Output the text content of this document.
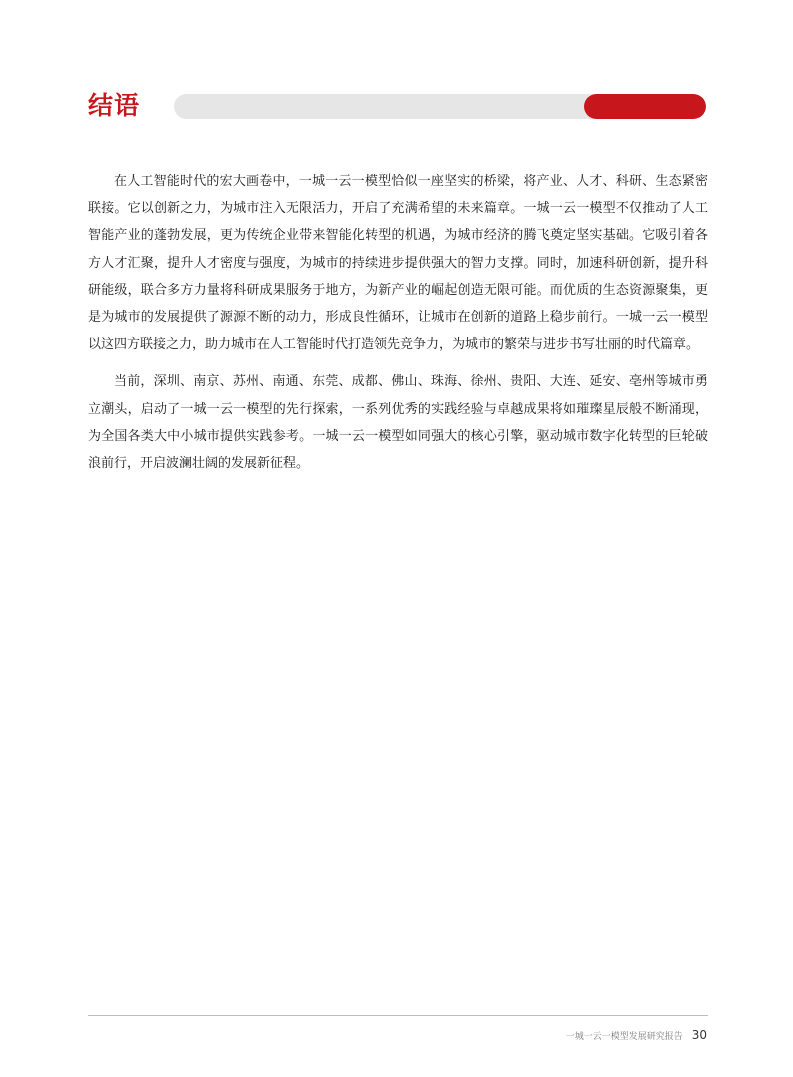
结语

在人工智能时代的宏大画卷中，一城一云一模型恰似一座坚实的桥梁，将产业、人才、科研、生态紧密联接。它以创新之力，为城市注入无限活力，开启了充满希望的未来篇章。一城一云一模型不仅推动了人工智能产业的蓬勃发展，更为传统企业带来智能化转型的机遇，为城市经济的腾飞奠定坚实基础。它吸引着各方人才汇聚，提升人才密度与强度，为城市的持续进步提供强大的智力支撑。同时，加速科研创新，提升科研能级，联合多方力量将科研成果服务于地方，为新产业的崛起创造无限可能。而优质的生态资源聚集，更是为城市的发展提供了源源不断的动力，形成良性循环，让城市在创新的道路上稳步前行。一城一云一模型以这四方联接之力，助力城市在人工智能时代打造领先竞争力，为城市的繁荣与进步书写壮丽的时代篇章。

当前，深圳、南京、苏州、南通、东莞、成都、佛山、珠海、徐州、贵阳、大连、延安、亳州等城市勇立潮头，启动了一城一云一模型的先行探索，一系列优秀的实践经验与卓越成果将如璀璨星辰般不断涌现，为全国各类大中小城市提供实践参考。一城一云一模型如同强大的核心引擎，驱动城市数字化转型的巨轮破浪前行，开启波澜壮阔的发展新征程。

一城一云一模型发展研究报告 30
